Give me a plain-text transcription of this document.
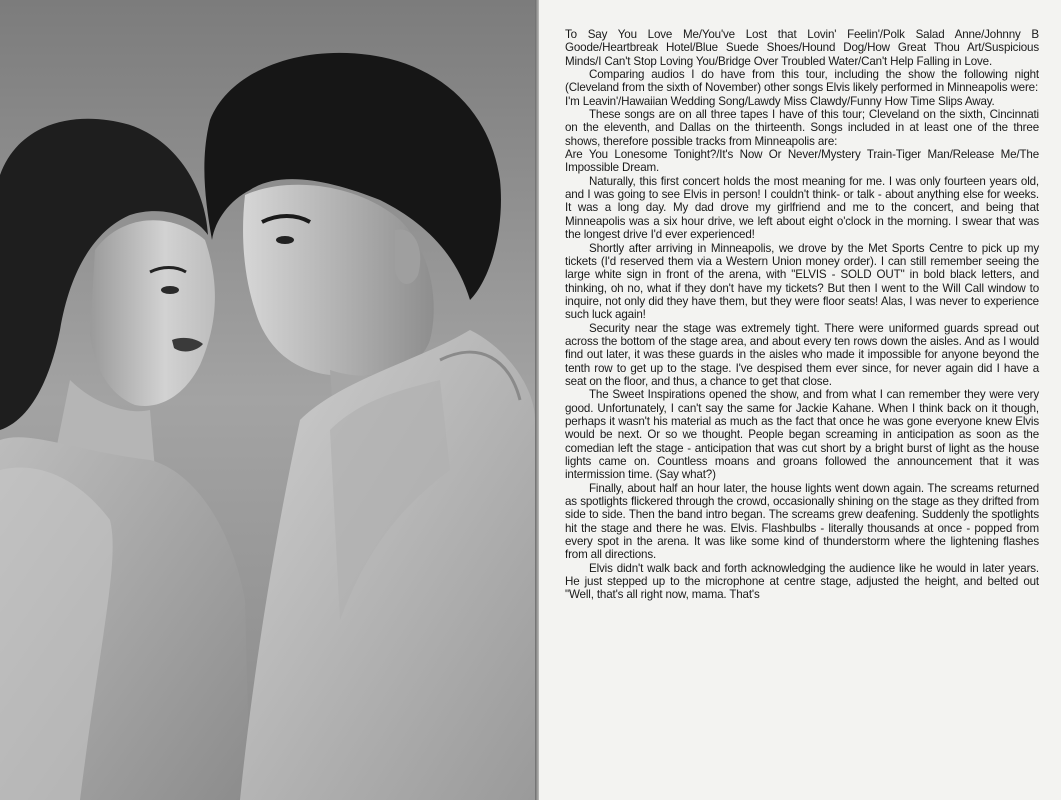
To Say You Love Me/You've Lost that Lovin' Feelin'/Polk Salad Anne/Johnny B Goode/Heartbreak Hotel/Blue Suede Shoes/Hound Dog/How Great Thou Art/Suspicious Minds/I Can't Stop Loving You/Bridge Over Troubled Water/Can't Help Falling in Love.

Comparing audios I do have from this tour, including the show the following night (Cleveland from the sixth of November) other songs Elvis likely performed in Minneapolis were:

I'm Leavin'/Hawaiian Wedding Song/Lawdy Miss Clawdy/Funny How Time Slips Away.

These songs are on all three tapes I have of this tour; Cleveland on the sixth, Cincinnati on the eleventh, and Dallas on the thirteenth. Songs included in at least one of the three shows, therefore possible tracks from Minneapolis are:

Are You Lonesome Tonight?/It's Now Or Never/Mystery Train-Tiger Man/Release Me/The Impossible Dream.

Naturally, this first concert holds the most meaning for me. I was only fourteen years old, and I was going to see Elvis in person! I couldn't think- or talk - about anything else for weeks. It was a long day. My dad drove my girlfriend and me to the concert, and being that Minneapolis was a six hour drive, we left about eight o'clock in the morning. I swear that was the longest drive I'd ever experienced!

Shortly after arriving in Minneapolis, we drove by the Met Sports Centre to pick up my tickets (I'd reserved them via a Western Union money order). I can still remember seeing the large white sign in front of the arena, with "ELVIS - SOLD OUT" in bold black letters, and thinking, oh no, what if they don't have my tickets? But then I went to the Will Call window to inquire, not only did they have them, but they were floor seats! Alas, I was never to experience such luck again!

Security near the stage was extremely tight. There were uniformed guards spread out across the bottom of the stage area, and about every ten rows down the aisles. And as I would find out later, it was these guards in the aisles who made it impossible for anyone beyond the tenth row to get up to the stage. I've despised them ever since, for never again did I have a seat on the floor, and thus, a chance to get that close.

The Sweet Inspirations opened the show, and from what I can remember they were very good. Unfortunately, I can't say the same for Jackie Kahane. When I think back on it though, perhaps it wasn't his material as much as the fact that once he was gone everyone knew Elvis would be next. Or so we thought. People began screaming in anticipation as soon as the comedian left the stage - anticipation that was cut short by a bright burst of light as the house lights came on. Countless moans and groans followed the announcement that it was intermission time. (Say what?)

Finally, about half an hour later, the house lights went down again. The screams returned as spotlights flickered through the crowd, occasionally shining on the stage as they drifted from side to side. Then the band intro began. The screams grew deafening. Suddenly the spotlights hit the stage and there he was. Elvis. Flashbulbs - literally thousands at once - popped from every spot in the arena. It was like some kind of thunderstorm where the lightening flashes from all directions.

Elvis didn't walk back and forth acknowledging the audience like he would in later years. He just stepped up to the microphone at centre stage, adjusted the height, and belted out "Well, that's all right now, mama. That's
